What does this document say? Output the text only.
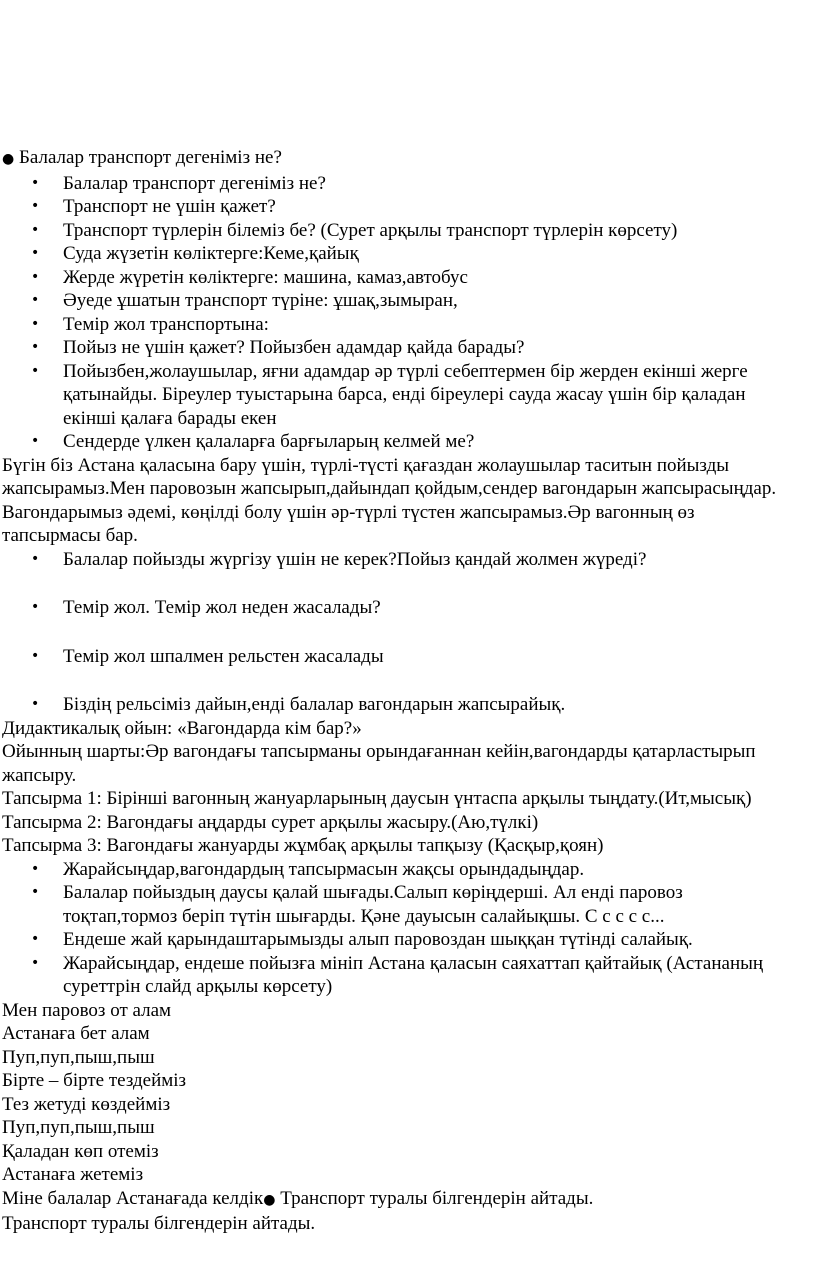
● Балалар транспорт дегеніміз не?

• Балалар транспорт дегеніміз не?

• Транспорт не үшін қажет?

• Транспорт түрлерін білеміз бе? (Сурет арқылы транспорт түрлерін көрсету)

• Суда жүзетін көліктерге:Кеме,қайық

• Жерде жүретін көліктерге: машина, камаз,автобус

• Әуеде ұшатын транспорт түріне: ұшақ,зымыран,

• Темір жол транспортына:

• Пойыз не үшін қажет? Пойызбен адамдар қайда барады?

• Пойызбен,жолаушылар, яғни адамдар әр түрлі себептермен бір жерден екінші жерге қатынайды. Біреулер туыстарына барса, енді біреулері сауда жасау үшін бір қаладан екінші қалаға барады екен

• Сендерде үлкен қалаларға барғыларың келмей ме?

Бүгін біз Астана қаласына бару үшін, түрлі-түсті қағаздан жолаушылар таситын пойызды жапсырамыз.Мен паровозын жапсырып,дайындап қойдым,сендер вагондарын жапсырасыңдар. Вагондарымыз әдемі, көңілді болу үшін әр-түрлі түстен жапсырамыз.Әр вагонның өз тапсырмасы бар.

• Балалар пойызды жүргізу үшін не керек?Пойыз қандай жолмен жүреді?

• Темір жол. Темір жол неден жасалады?

• Темір жол шпалмен рельстен жасалады

• Біздің рельсіміз дайын,енді балалар вагондарын жапсырайық.

Дидактикалық ойын: «Вагондарда кім бар?»

Ойынның шарты:Әр вагондағы тапсырманы орындағаннан кейін,вагондарды қатарластырып жапсыру.

Тапсырма 1: Бірінші вагонның жануарларының даусын үнтаспа арқылы тыңдату.(Ит,мысық)

Тапсырма 2: Вагондағы аңдарды сурет арқылы жасыру.(Аю,түлкі)

Тапсырма 3: Вагондағы жануарды жұмбақ арқылы тапқызу (Қасқыр,қоян)

• Жарайсыңдар,вагондардың тапсырмасын жақсы орындадыңдар.

• Балалар пойыздың даусы қалай шығады.Салып көріңдерші. Ал енді паровоз тоқтап,тормоз беріп түтін шығарды. Қәне дауысын салайықшы. С с с с с...

• Ендеше жай қарындаштарымызды алып паровоздан шыққан түтінді салайық.

• Жарайсыңдар, ендеше пойызға мініп Астана қаласын саяхаттап қайтайық (Астананың суреттрін слайд арқылы көрсету)

Мен паровоз от алам

Астанаға бет алам

Пуп,пуп,пыш,пыш

Бірте – бірте тездейміз

Тез жетуді көздейміз

Пуп,пуп,пыш,пыш

Қаладан көп отеміз

Астанаға жетеміз

Міне балалар Астанағада келдік● Транспорт туралы білгендерін айтады.

Транспорт туралы білгендерін айтады.
